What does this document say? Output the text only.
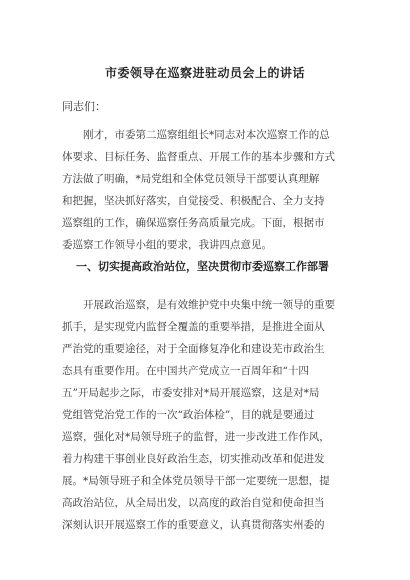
市委领导在巡察进驻动员会上的讲话
同志们：
　　刚才，市委第二巡察组组长*同志对本次巡察工作的总
体要求、目标任务、监督重点、开展工作的基本步骤和方式
方法做了明确，*局党组和全体党员领导干部要认真理解
和把握，坚决抓好落实，自觉接受、积极配合、全力支持
巡察组的工作，确保巡察任务高质量完成。下面，根据市
委巡察工作领导小组的要求，我讲四点意见。
一、切实提高政治站位，坚决贯彻市委巡察工作部署
　　开展政治巡察，是有效维护党中央集中统一领导的重要
抓手，是实现党内监督全覆盖的重要举措，是推进全面从
严治党的重要途径，对于全面修复净化和建设芜市政治生
态具有重要作用。在中国共产党成立一百周年和“十四
五”开局起步之际，市委安排对*局开展巡察，这是对*局
党组管党治党工作的一次“政治体检”，目的就是要通过
巡察，强化对*局领导班子的监督，进一步改进工作作风，
着力构建干事创业良好政治生态，切实推动改革和促进发
展。*局领导班子和全体党员领导干部一定要统一思想，提
高政治站位，从全局出发，以高度的政治自觉和使命担当
深刻认识开展巡察工作的重要意义，认真贯彻落实州委的
